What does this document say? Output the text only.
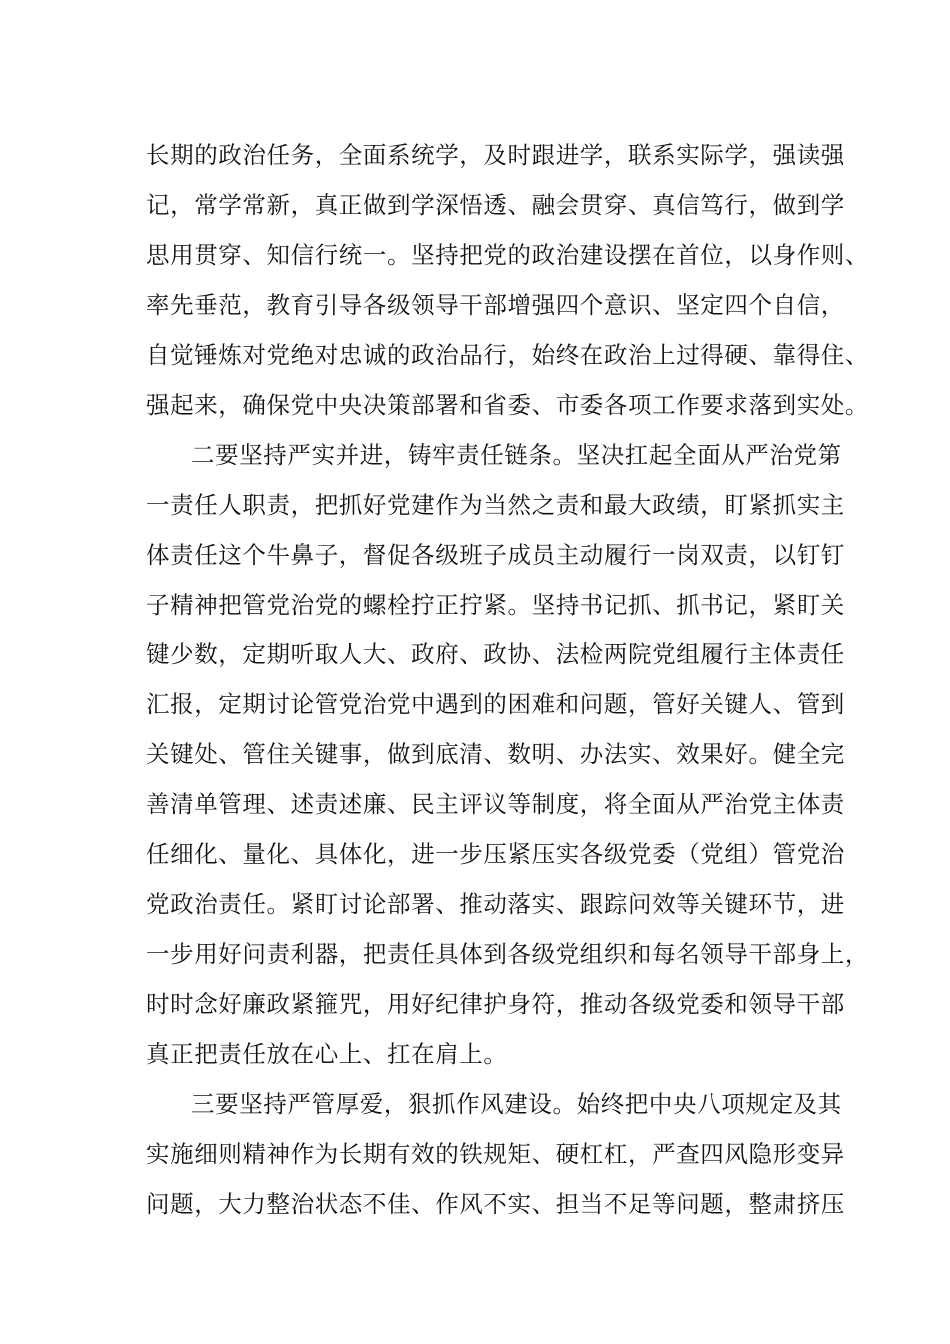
长期的政治任务，全面系统学，及时跟进学，联系实际学，强读强
记，常学常新，真正做到学深悟透、融会贯穿、真信笃行，做到学
思用贯穿、知信行统一。坚持把党的政治建设摆在首位，以身作则、
率先垂范，教育引导各级领导干部增强四个意识、坚定四个自信，
自觉锤炼对党绝对忠诚的政治品行，始终在政治上过得硬、靠得住、
强起来，确保党中央决策部署和省委、市委各项工作要求落到实处。
二要坚持严实并进，铸牢责任链条。坚决扛起全面从严治党第
一责任人职责，把抓好党建作为当然之责和最大政绩，盯紧抓实主
体责任这个牛鼻子，督促各级班子成员主动履行一岗双责，以钉钉
子精神把管党治党的螺栓拧正拧紧。坚持书记抓、抓书记，紧盯关
键少数，定期听取人大、政府、政协、法检两院党组履行主体责任
汇报，定期讨论管党治党中遇到的困难和问题，管好关键人、管到
关键处、管住关键事，做到底清、数明、办法实、效果好。健全完
善清单管理、述责述廉、民主评议等制度，将全面从严治党主体责
任细化、量化、具体化，进一步压紧压实各级党委（党组）管党治
党政治责任。紧盯讨论部署、推动落实、跟踪问效等关键环节，进
一步用好问责利器，把责任具体到各级党组织和每名领导干部身上，
时时念好廉政紧箍咒，用好纪律护身符，推动各级党委和领导干部
真正把责任放在心上、扛在肩上。
三要坚持严管厚爱，狠抓作风建设。始终把中央八项规定及其
实施细则精神作为长期有效的铁规矩、硬杠杠，严查四风隐形变异
问题，大力整治状态不佳、作风不实、担当不足等问题，整肃挤压
